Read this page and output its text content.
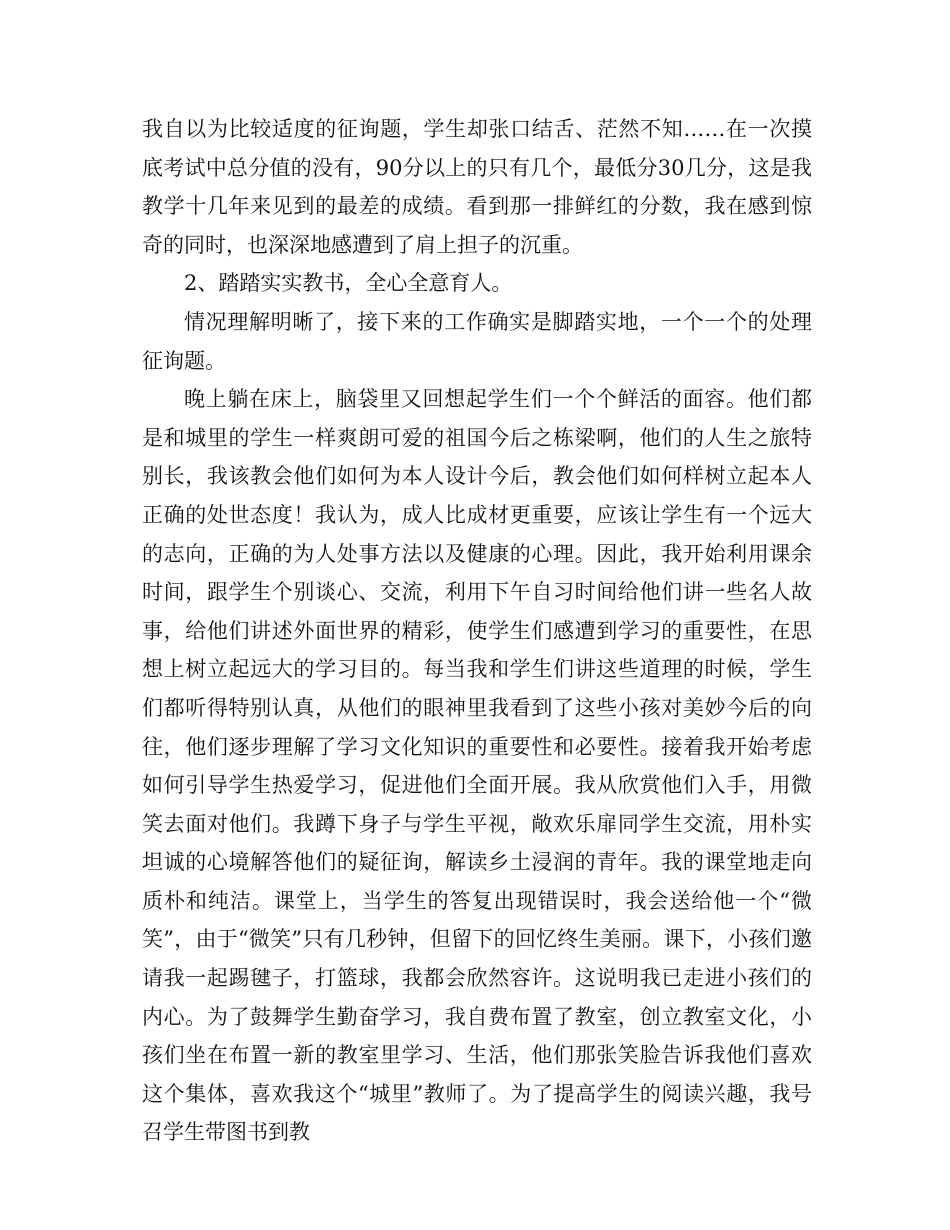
我自以为比较适度的征询题，学生却张口结舌、茫然不知……在一次摸底考试中总分值的没有，90分以上的只有几个，最低分30几分，这是我教学十几年来见到的最差的成绩。看到那一排鲜红的分数，我在感到惊奇的同时，也深深地感遭到了肩上担子的沉重。

2、踏踏实实教书，全心全意育人。

情况理解明晰了，接下来的工作确实是脚踏实地，一个一个的处理征询题。

晚上躺在床上，脑袋里又回想起学生们一个个鲜活的面容。他们都是和城里的学生一样爽朗可爱的祖国今后之栋梁啊，他们的人生之旅特别长，我该教会他们如何为本人设计今后，教会他们如何样树立起本人正确的处世态度！我认为，成人比成材更重要，应该让学生有一个远大的志向，正确的为人处事方法以及健康的心理。因此，我开始利用课余时间，跟学生个别谈心、交流，利用下午自习时间给他们讲一些名人故事，给他们讲述外面世界的精彩，使学生们感遭到学习的重要性，在思想上树立起远大的学习目的。每当我和学生们讲这些道理的时候，学生们都听得特别认真，从他们的眼神里我看到了这些小孩对美妙今后的向往，他们逐步理解了学习文化知识的重要性和必要性。接着我开始考虑如何引导学生热爱学习，促进他们全面开展。我从欣赏他们入手，用微笑去面对他们。我蹲下身子与学生平视，敞欢乐扉同学生交流，用朴实坦诚的心境解答他们的疑征询，解读乡土浸润的青年。我的课堂地走向质朴和纯洁。课堂上，当学生的答复出现错误时，我会送给他一个“微笑”，由于“微笑”只有几秒钟，但留下的回忆终生美丽。课下，小孩们邀请我一起踢毽子，打篮球，我都会欣然容许。这说明我已走进小孩们的内心。为了鼓舞学生勤奋学习，我自费布置了教室，创立教室文化，小孩们坐在布置一新的教室里学习、生活，他们那张笑脸告诉我他们喜欢这个集体，喜欢我这个“城里”教师了。为了提高学生的阅读兴趣，我号召学生带图书到教
